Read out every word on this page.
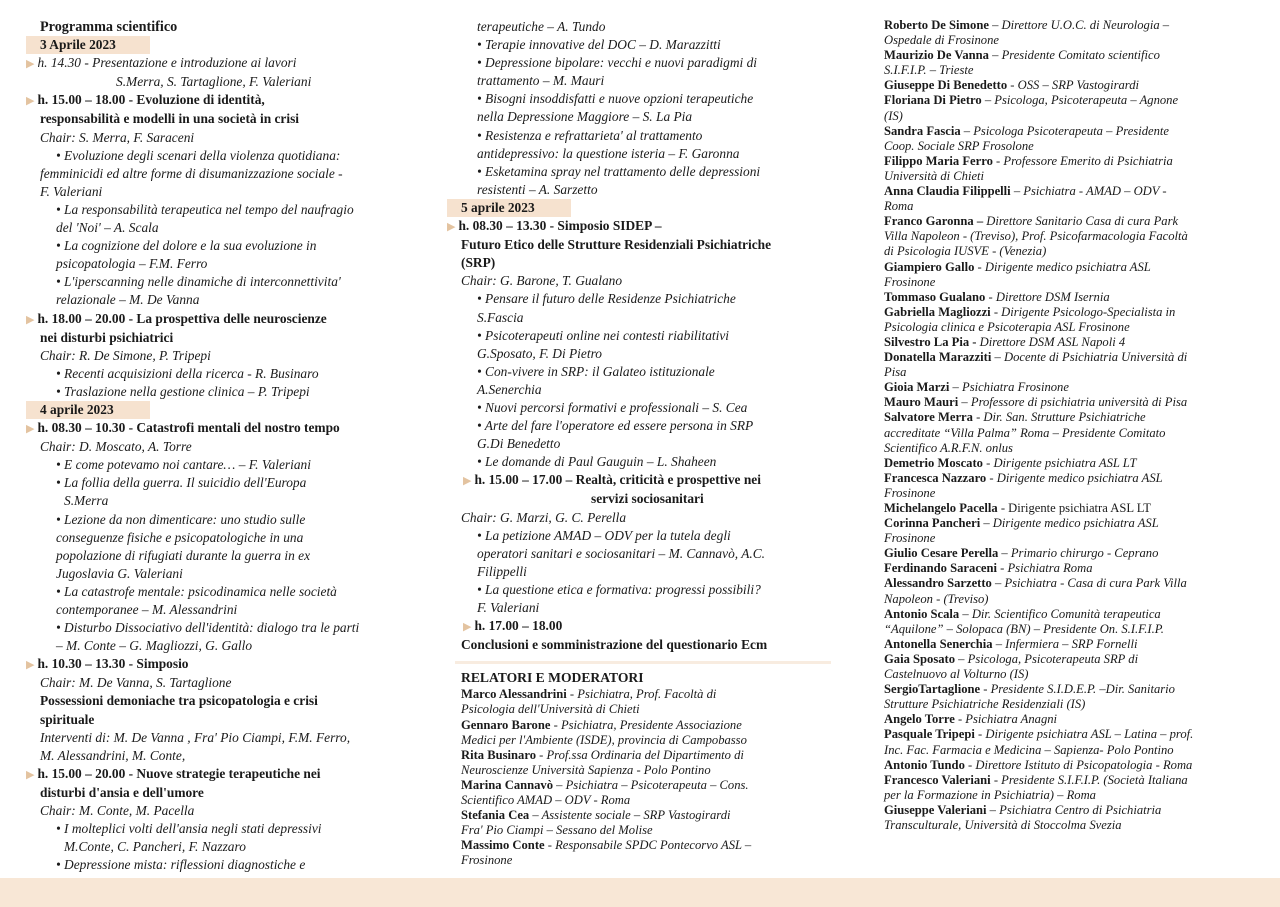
Programma scientifico
3 Aprile 2023
▶ h. 14.30 - Presentazione e introduzione ai lavori
S.Merra, S. Tartaglione, F. Valeriani
▶ h. 15.00 – 18.00 - Evoluzione di identità,
responsabilità e modelli in una società in crisi
Chair: S. Merra, F. Saraceni
• Evoluzione degli scenari della violenza quotidiana:
femminicidi ed altre forme di disumanizzazione sociale -
F. Valeriani
• La responsabilità terapeutica nel tempo del naufragio
del 'Noi' – A. Scala
• La cognizione del dolore e la sua evoluzione in
psicopatologia – F.M. Ferro
• L'iperscanning nelle dinamiche di interconnettivita'
relazionale – M. De Vanna
▶ h. 18.00 – 20.00 - La prospettiva delle neuroscienze
nei disturbi psichiatrici
Chair: R. De Simone, P. Tripepi
• Recenti acquisizioni della ricerca - R. Businaro
• Traslazione nella gestione clinica – P. Tripepi
4 aprile 2023
▶ h. 08.30 – 10.30 - Catastrofi mentali del nostro tempo
Chair: D. Moscato, A. Torre
• E come potevamo noi cantare… – F. Valeriani
• La follia della guerra. Il suicidio dell'Europa
S.Merra
• Lezione da non dimenticare: uno studio sulle
conseguenze fisiche e psicopatologiche in una
popolazione di rifugiati durante la guerra in ex
Jugoslavia G. Valeriani
• La catastrofe mentale: psicodinamica nelle società
contemporanee – M. Alessandrini
• Disturbo Dissociativo dell'identità: dialogo tra le parti
– M. Conte – G. Magliozzi, G. Gallo
▶ h. 10.30 – 13.30 - Simposio
Chair: M. De Vanna, S. Tartaglione
Possessioni demoniache tra psicopatologia e crisi
spirituale
Interventi di: M. De Vanna , Fra' Pio Ciampi, F.M. Ferro,
M. Alessandrini, M. Conte,
▶ h. 15.00 – 20.00 - Nuove strategie terapeutiche nei
disturbi d'ansia e dell'umore
Chair: M. Conte, M. Pacella
• I molteplici volti dell'ansia negli stati depressivi
M.Conte, C. Pancheri, F. Nazzaro
• Depressione mista: riflessioni diagnostiche e
terapeutiche – A. Tundo
• Terapie innovative del DOC – D. Marazzitti
• Depressione bipolare: vecchi e nuovi paradigmi di
trattamento – M. Mauri
• Bisogni insoddisfatti e nuove opzioni terapeutiche
nella Depressione Maggiore – S. La Pia
• Resistenza e refrattarieta' al trattamento
antidepressivo: la questione isteria – F. Garonna
• Esketamina spray nel trattamento delle depressioni
resistenti – A. Sarzetto
5 aprile 2023
▶ h. 08.30 – 13.30 - Simposio SIDEP –
Futuro Etico delle Strutture Residenziali Psichiatriche
(SRP)
Chair: G. Barone, T. Gualano
• Pensare il futuro delle Residenze Psichiatriche
S.Fascia
• Psicoterapeuti online nei contesti riabilitativi
G.Sposato, F. Di Pietro
• Con-vivere in SRP: il Galateo istituzionale
A.Senerchia
• Nuovi percorsi formativi e professionali – S. Cea
• Arte del fare l'operatore ed essere persona in SRP
G.Di Benedetto
• Le domande di Paul Gauguin – L. Shaheen
▶ h. 15.00 – 17.00 – Realtà, criticità e prospettive nei
servizi sociosanitari
Chair: G. Marzi, G. C. Perella
• La petizione AMAD – ODV per la tutela degli
operatori sanitari e sociosanitari – M. Cannavò, A.C.
Filippelli
• La questione etica e formativa: progressi possibili?
F. Valeriani
▶ h. 17.00 – 18.00
Conclusioni e somministrazione del questionario Ecm
RELATORI E MODERATORI
Marco Alessandrini - Psichiatra, Prof. Facoltà di
Psicologia dell'Università di Chieti
Gennaro Barone - Psichiatra, Presidente Associazione
Medici per l'Ambiente (ISDE), provincia di Campobasso
Rita Businaro - Prof.ssa Ordinaria del Dipartimento di
Neuroscienze Università Sapienza - Polo Pontino
Marina Cannavò – Psichiatra – Psicoterapeuta – Cons.
Scientifico AMAD – ODV - Roma
Stefania Cea – Assistente sociale – SRP Vastogirardi
Fra' Pio Ciampi – Sessano del Molise
Massimo Conte - Responsabile SPDC Pontecorvo ASL –
Frosinone
Roberto De Simone – Direttore U.O.C. di Neurologia –
Ospedale di Frosinone
Maurizio De Vanna – Presidente Comitato scientifico
S.I.F.I.P. – Trieste
Giuseppe Di Benedetto - OSS – SRP Vastogirardi
Floriana Di Pietro – Psicologa, Psicoterapeuta – Agnone
(IS)
Sandra Fascia – Psicologa Psicoterapeuta – Presidente
Coop. Sociale SRP Frosolone
Filippo Maria Ferro - Professore Emerito di Psichiatria
Università di Chieti
Anna Claudia Filippelli – Psichiatra - AMAD – ODV -
Roma
Franco Garonna – Direttore Sanitario Casa di cura Park
Villa Napoleon - (Treviso), Prof. Psicofarmacologia Facoltà
di Psicologia IUSVE - (Venezia)
Giampiero Gallo - Dirigente medico psichiatra ASL
Frosinone
Tommaso Gualano - Direttore DSM Isernia
Gabriella Magliozzi - Dirigente Psicologo-Specialista in
Psicologia clinica e Psicoterapia ASL Frosinone
Silvestro La Pia - Direttore DSM ASL Napoli 4
Donatella Marazziti – Docente di Psichiatria Università di
Pisa
Gioia Marzi – Psichiatra Frosinone
Mauro Mauri – Professore di psichiatria università di Pisa
Salvatore Merra - Dir. San. Strutture Psichiatriche
accreditate “Villa Palma” Roma – Presidente Comitato
Scientifico A.R.F.N. onlus
Demetrio Moscato - Dirigente psichiatra ASL LT
Francesca Nazzaro - Dirigente medico psichiatra ASL
Frosinone
Michelangelo Pacella - Dirigente psichiatra ASL LT
Corinna Pancheri – Dirigente medico psichiatra ASL
Frosinone
Giulio Cesare Perella – Primario chirurgo - Ceprano
Ferdinando Saraceni - Psichiatra Roma
Alessandro Sarzetto – Psichiatra - Casa di cura Park Villa
Napoleon - (Treviso)
Antonio Scala – Dir. Scientifico Comunità terapeutica
“Aquilone” – Solopaca (BN) – Presidente On. S.I.F.I.P.
Antonella Senerchia – Infermiera – SRP Fornelli
Gaia Sposato – Psicologa, Psicoterapeuta SRP di
Castelnuovo al Volturno (IS)
SergioTartaglione - Presidente S.I.D.E.P. –Dir. Sanitario
Strutture Psichiatriche Residenziali (IS)
Angelo Torre - Psichiatra Anagni
Pasquale Tripepi - Dirigente psichiatra ASL – Latina – prof.
Inc. Fac. Farmacia e Medicina – Sapienza- Polo Pontino
Antonio Tundo - Direttore Istituto di Psicopatologia - Roma
Francesco Valeriani - Presidente S.I.F.I.P. (Società Italiana
per la Formazione in Psichiatria) – Roma
Giuseppe Valeriani – Psichiatra Centro di Psichiatria
Transculturale, Università di Stoccolma Svezia
